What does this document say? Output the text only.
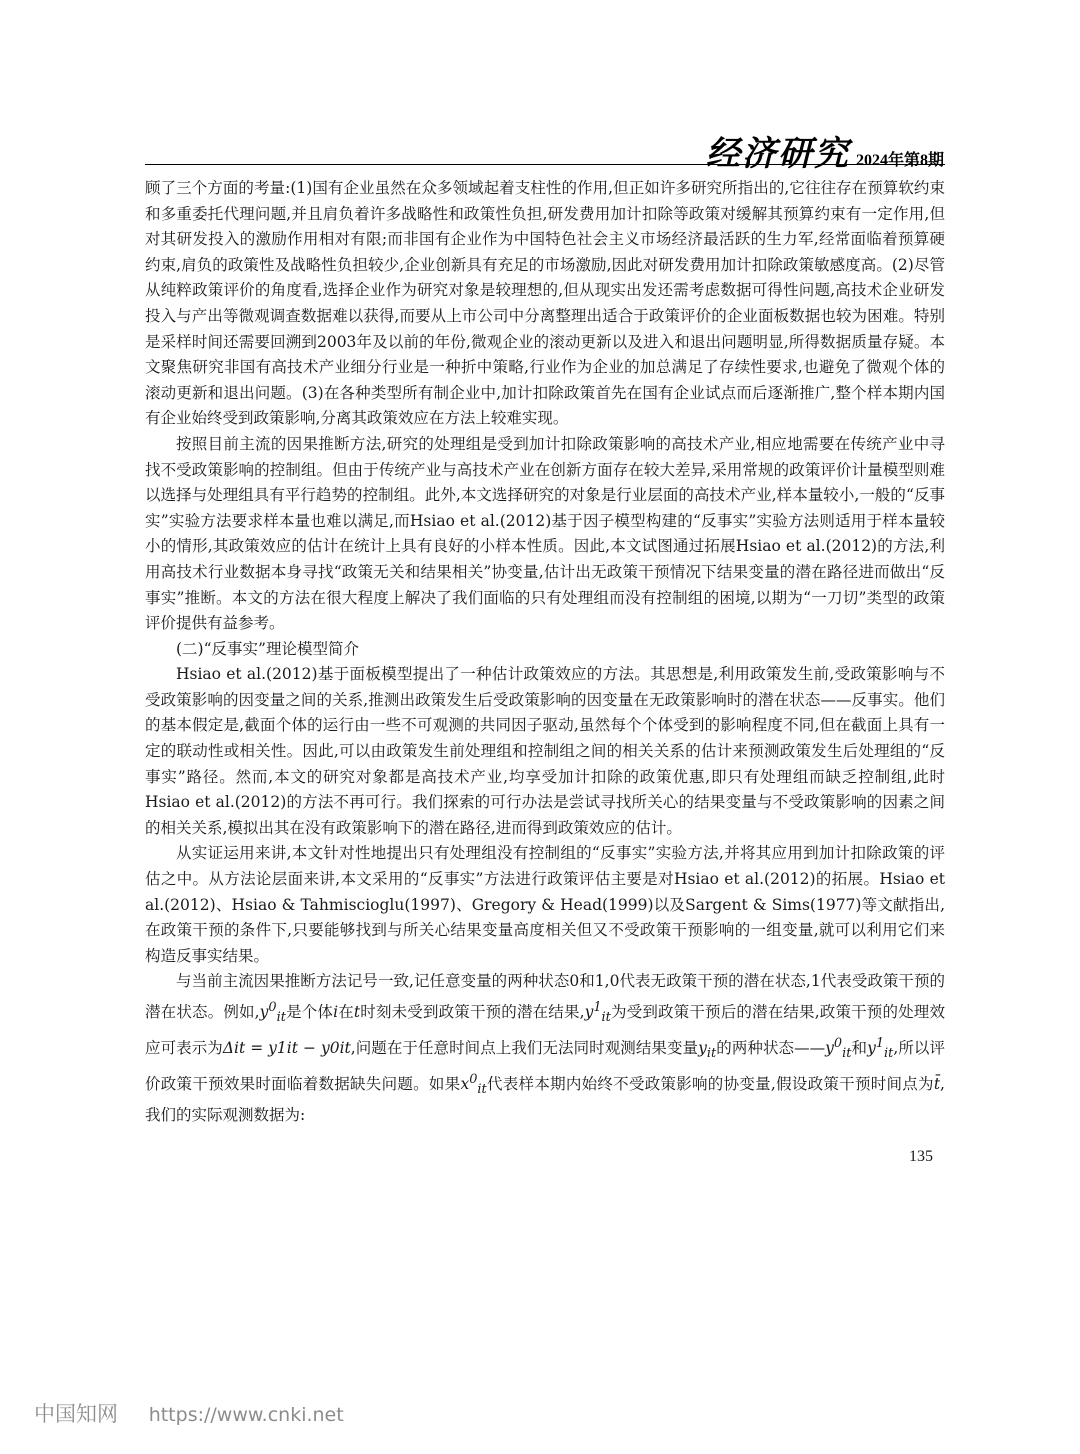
经济研究 2024年第8期

顾了三个方面的考量:(1)国有企业虽然在众多领域起着支柱性的作用,但正如许多研究所指出的,它往往存在预算软约束和多重委托代理问题,并且肩负着许多战略性和政策性负担,研发费用加计扣除等政策对缓解其预算约束有一定作用,但对其研发投入的激励作用相对有限;而非国有企业作为中国特色社会主义市场经济最活跃的生力军,经常面临着预算硬约束,肩负的政策性及战略性负担较少,企业创新具有充足的市场激励,因此对研发费用加计扣除政策敏感度高。(2)尽管从纯粹政策评价的角度看,选择企业作为研究对象是较理想的,但从现实出发还需考虑数据可得性问题,高技术企业研发投入与产出等微观调查数据难以获得,而要从上市公司中分离整理出适合于政策评价的企业面板数据也较为困难。特别是采样时间还需要回溯到2003年及以前的年份,微观企业的滚动更新以及进入和退出问题明显,所得数据质量存疑。本文聚焦研究非国有高技术产业细分行业是一种折中策略,行业作为企业的加总满足了存续性要求,也避免了微观个体的滚动更新和退出问题。(3)在各种类型所有制企业中,加计扣除政策首先在国有企业试点而后逐渐推广,整个样本期内国有企业始终受到政策影响,分离其政策效应在方法上较难实现。

按照目前主流的因果推断方法,研究的处理组是受到加计扣除政策影响的高技术产业,相应地需要在传统产业中寻找不受政策影响的控制组。但由于传统产业与高技术产业在创新方面存在较大差异,采用常规的政策评价计量模型则难以选择与处理组具有平行趋势的控制组。此外,本文选择研究的对象是行业层面的高技术产业,样本量较小,一般的“反事实”实验方法要求样本量也难以满足,而Hsiao et al.(2012)基于因子模型构建的“反事实”实验方法则适用于样本量较小的情形,其政策效应的估计在统计上具有良好的小样本性质。因此,本文试图通过拓展Hsiao et al.(2012)的方法,利用高技术行业数据本身寻找“政策无关和结果相关”协变量,估计出无政策干预情况下结果变量的潜在路径进而做出“反事实”推断。本文的方法在很大程度上解决了我们面临的只有处理组而没有控制组的困境,以期为“一刀切”类型的政策评价提供有益参考。

(二)“反事实”理论模型简介

Hsiao et al.(2012)基于面板模型提出了一种估计政策效应的方法。其思想是,利用政策发生前,受政策影响与不受政策影响的因变量之间的关系,推测出政策发生后受政策影响的因变量在无政策影响时的潜在状态——反事实。他们的基本假定是,截面个体的运行由一些不可观测的共同因子驱动,虽然每个个体受到的影响程度不同,但在截面上具有一定的联动性或相关性。因此,可以由政策发生前处理组和控制组之间的相关关系的估计来预测政策发生后处理组的“反事实”路径。然而,本文的研究对象都是高技术产业,均享受加计扣除的政策优惠,即只有处理组而缺乏控制组,此时Hsiao et al.(2012)的方法不再可行。我们探索的可行办法是尝试寻找所关心的结果变量与不受政策影响的因素之间的相关关系,模拟出其在没有政策影响下的潜在路径,进而得到政策效应的估计。

从实证运用来讲,本文针对性地提出只有处理组没有控制组的“反事实”实验方法,并将其应用到加计扣除政策的评估之中。从方法论层面来讲,本文采用的“反事实”方法进行政策评估主要是对Hsiao et al.(2012)的拓展。Hsiao et al.(2012)、Hsiao & Tahmiscioglu(1997)、Gregory & Head(1999)以及Sargent & Sims(1977)等文献指出,在政策干预的条件下,只要能够找到与所关心结果变量高度相关但又不受政策干预影响的一组变量,就可以利用它们来构造反事实结果。

与当前主流因果推断方法记号一致,记任意变量的两种状态0和1,0代表无政策干预的潜在状态,1代表受政策干预的潜在状态。例如$,y^0_{it}$是个体i在t时刻未受到政策干预的潜在结果$,y^1_{it}$为受到政策干预后的潜在结果,政策干预的处理效应可表示为Δit = y1it − y0it,问题在于任意时间点上我们无法同时观测结果变量$y_{it}$的两种状态$——y^0_{it}$和$y^1_{it}$,所以评价政策干预效果时面临着数据缺失问题。如果$x^0_{it}$代表样本期内始终不受政策影响的协变量,假设政策干预时间点为t̄,我们的实际观测数据为:

135
中国知网 https://www.cnki.net
